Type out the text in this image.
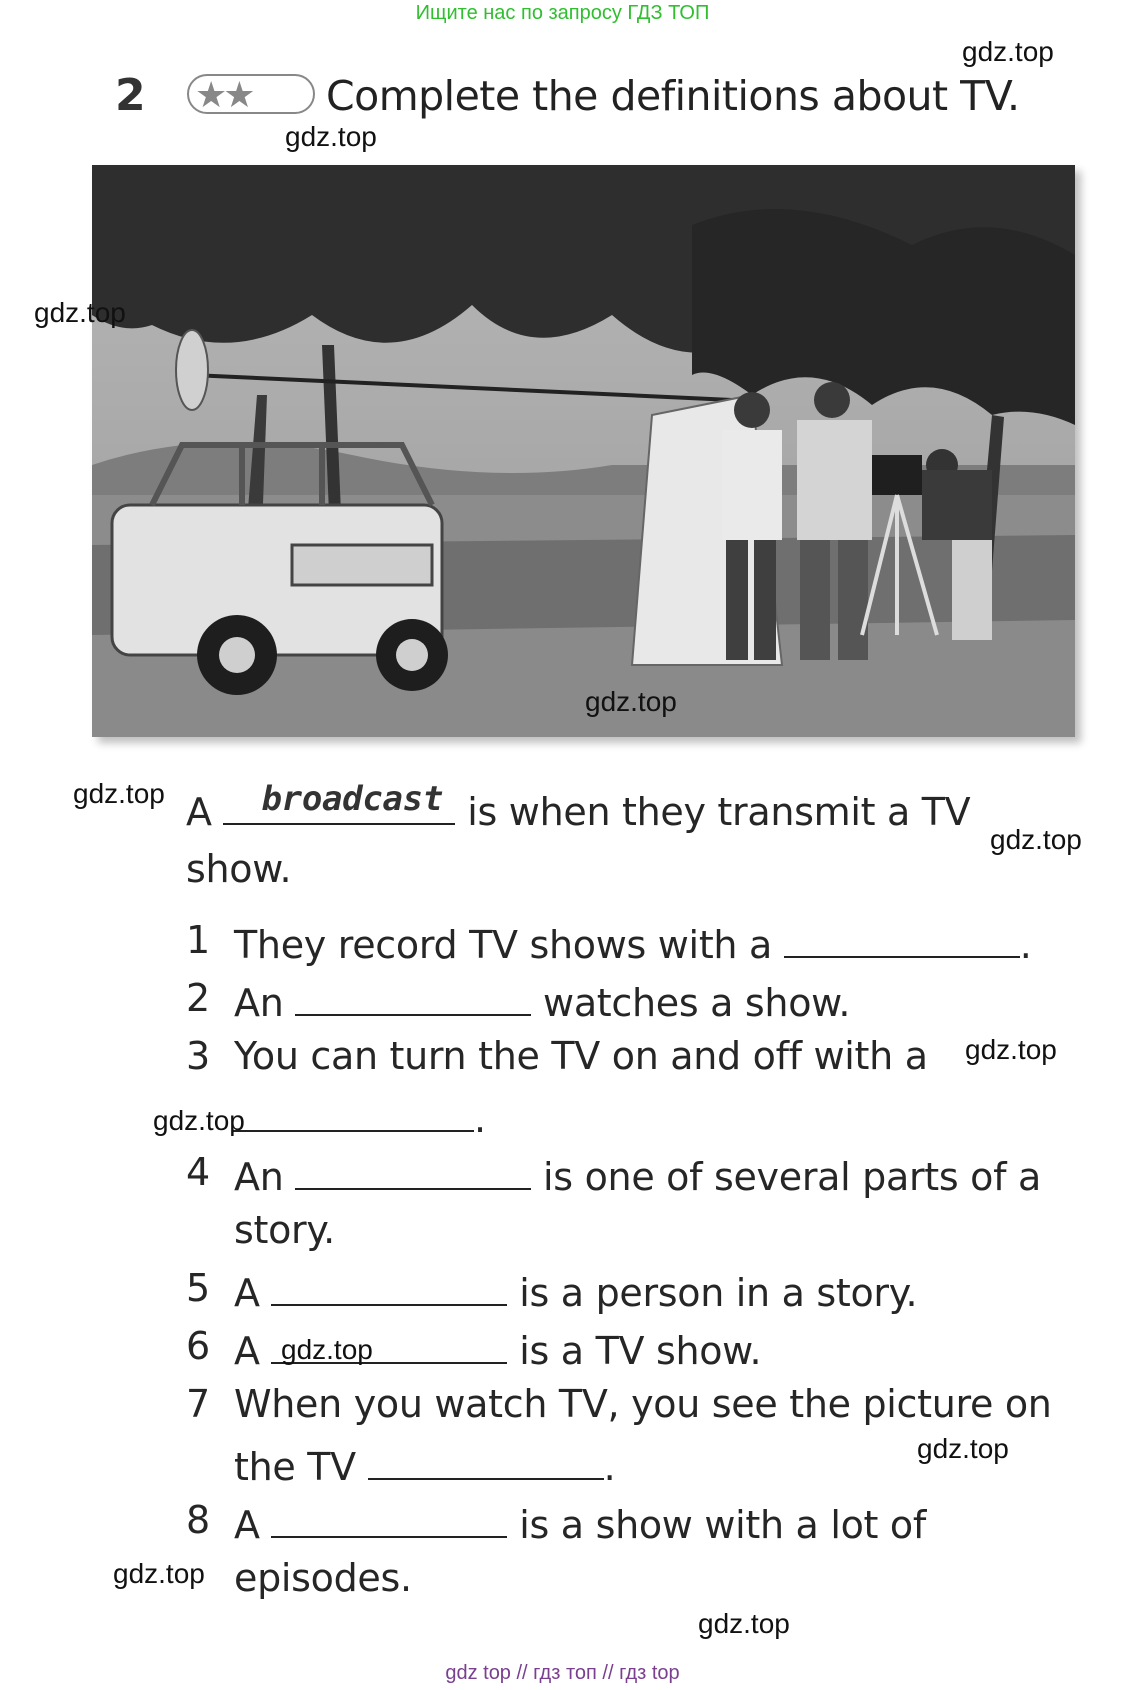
Ищите нас по запросу ГДЗ ТОП
2 ★★	Complete the definitions about TV.
A broadcast is when they transmit a TV
show.
1 They record TV shows with a	.
2 An	watches a show.
3 You can turn the TV on and off with a
.
4 An	is one of several parts of a
story.
5 A	is a person in a story.
6 A	is a TV show.
7 When you watch TV, you see the picture on
the TV	.
8 A	is a show with a lot of
episodes.
gdz.top
gdz.top
gdz.top
gdz.top
gdz.top
gdz.top
gdz.top
gdz.top
gdz.top
gdz.top
gdz.top
gdz.top
gdz top // гдз топ // гдз top
